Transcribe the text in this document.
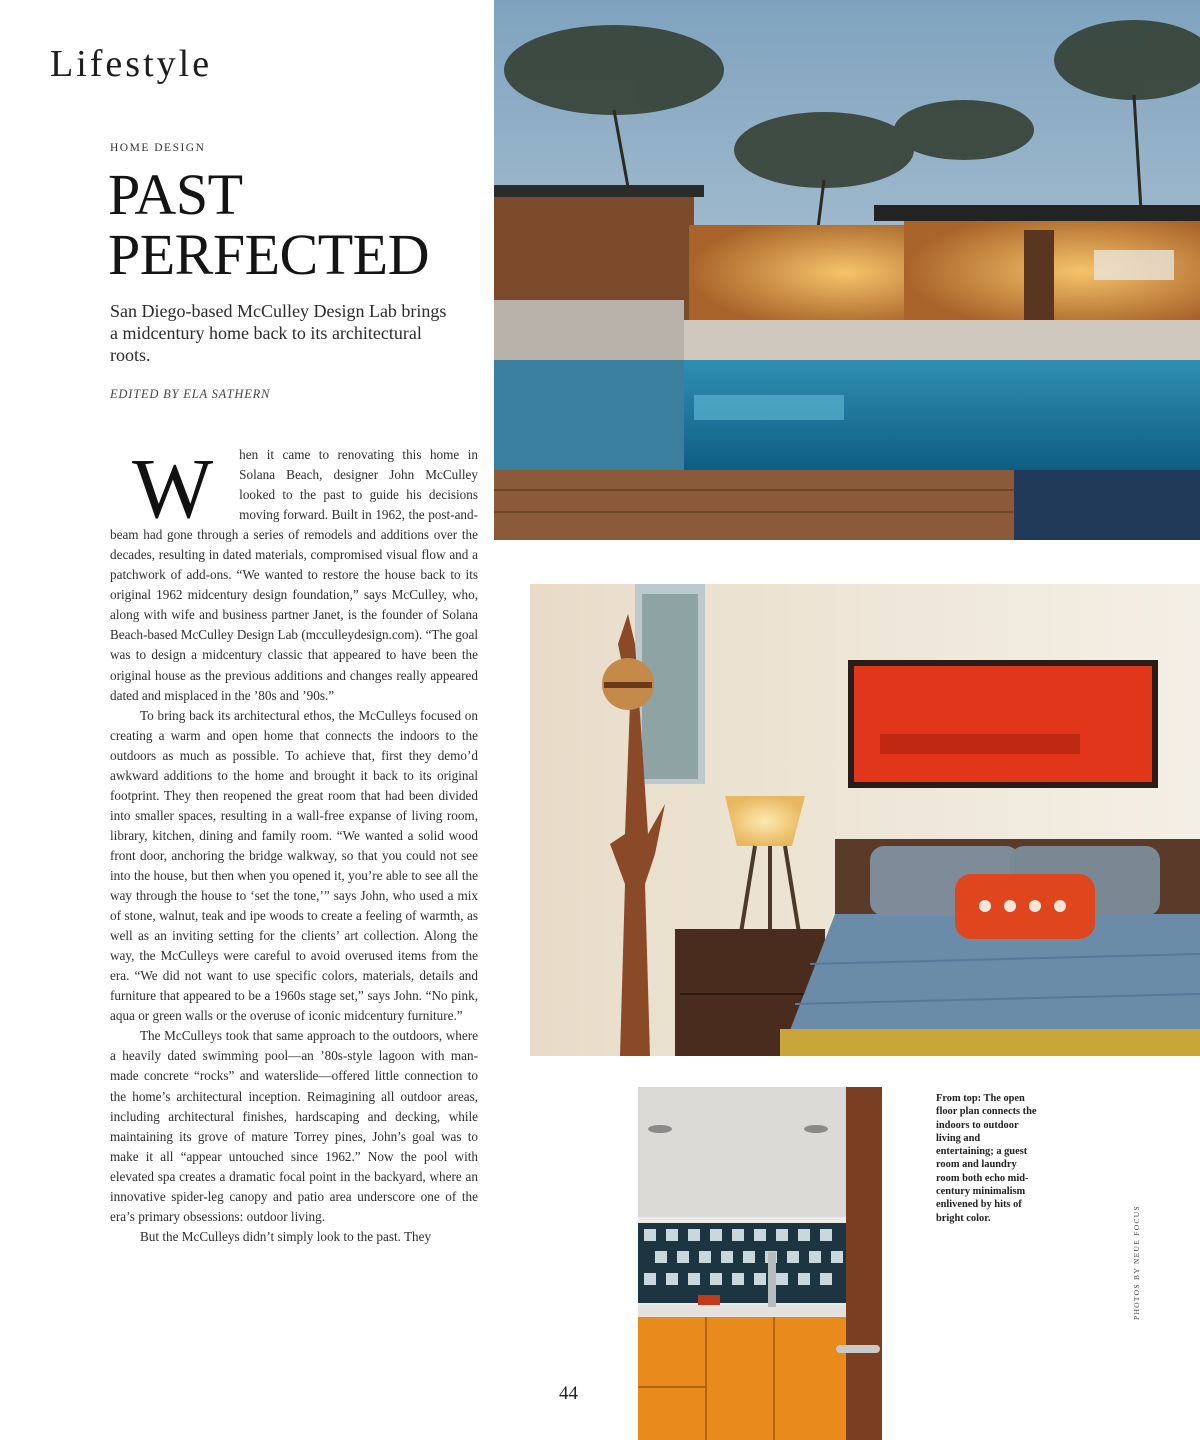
Lifestyle
HOME DESIGN
PAST
PERFECTED
San Diego-based McCulley Design Lab brings a midcentury home back to its architectural roots.
EDITED BY ELA SATHERN

W hen it came to renovating this home in Solana Beach, designer John McCulley looked to the past to guide his decisions moving forward. Built in 1962, the post-and-beam had gone through a series of remodels and additions over the decades, resulting in dated materials, compromised visual flow and a patchwork of add-ons. “We wanted to restore the house back to its original 1962 midcentury design foundation,” says McCulley, who, along with wife and business partner Janet, is the founder of Solana Beach-based McCulley Design Lab (mcculleydesign.com). “The goal was to design a midcentury classic that appeared to have been the original house as the previous additions and changes really appeared dated and misplaced in the ’80s and ’90s.”

To bring back its architectural ethos, the McCulleys focused on creating a warm and open home that connects the indoors to the outdoors as much as possible. To achieve that, first they demo’d awkward additions to the home and brought it back to its original footprint. They then reopened the great room that had been divided into smaller spaces, resulting in a wall-free expanse of living room, library, kitchen, dining and family room. “We wanted a solid wood front door, anchoring the bridge walkway, so that you could not see into the house, but then when you opened it, you’re able to see all the way through the house to ‘set the tone,’” says John, who used a mix of stone, walnut, teak and ipe woods to create a feeling of warmth, as well as an inviting setting for the clients’ art collection. Along the way, the McCulleys were careful to avoid overused items from the era. “We did not want to use specific colors, materials, details and furniture that appeared to be a 1960s stage set,” says John. “No pink, aqua or green walls or the overuse of iconic midcentury furniture.”

The McCulleys took that same approach to the outdoors, where a heavily dated swimming pool—an ’80s-style lagoon with man-made concrete “rocks” and waterslide—offered little connection to the home’s architectural inception. Reimagining all outdoor areas, including architectural finishes, hardscaping and decking, while maintaining its grove of mature Torrey pines, John’s goal was to make it all “appear untouched since 1962.” Now the pool with elevated spa creates a dramatic focal point in the backyard, where an innovative spider-leg canopy and patio area underscore one of the era’s primary obsessions: outdoor living.

But the McCulleys didn’t simply look to the past. They

From top: The open floor plan connects the indoors to outdoor living and entertaining; a guest room and laundry room both echo mid-century minimalism enlivened by hits of bright color.	PHOTOS BY NEUE FOCUS
44
